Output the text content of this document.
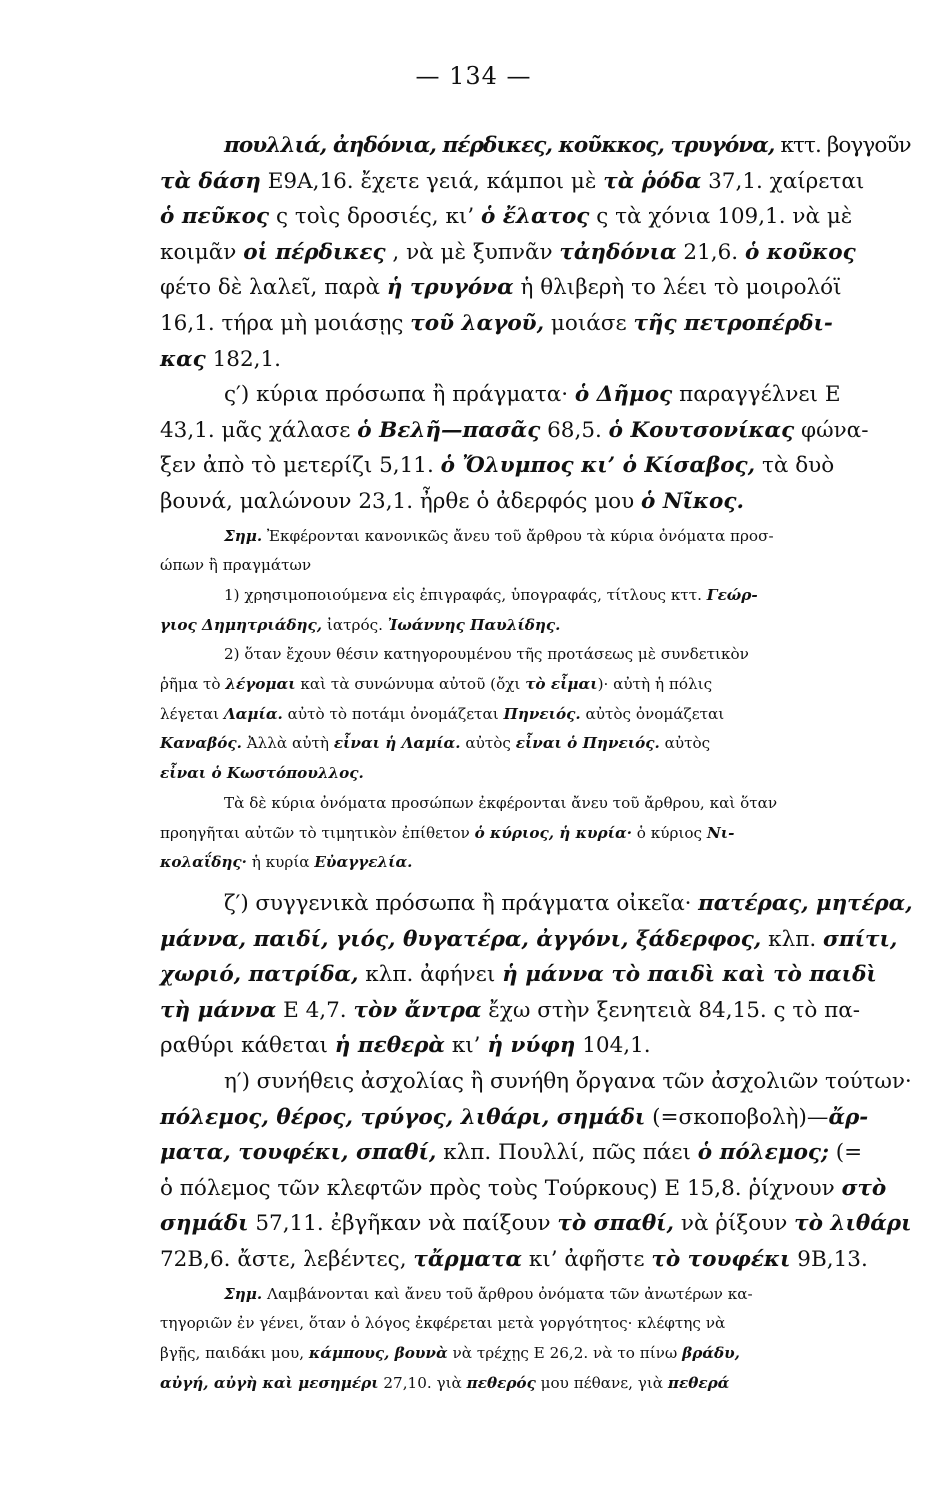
— 134 —

πουλλιά, ἀηδόνια, πέρδικες, κοῦκκος, τρυγόνα, κττ. βογγοῦν
τὰ δάση Ε9Α,16. ἔχετε γειά, κάμποι μὲ τὰ ῥόδα 37,1. χαίρεται
ὁ πεῦκος ς τοὶς δροσιές, κι’ ὁ ἔλατος ς τὰ χόνια 109,1. νὰ μὲ
κοιμᾶν οἱ πέρδικες , νὰ μὲ ξυπνᾶν τἀηδόνια 21,6. ὁ κοῦκος
φέτο δὲ λαλεῖ, παρὰ ἡ τρυγόνα ἡ θλιβερὴ το λέει τὸ μοιρολόϊ
16,1. τήρα μὴ μοιάσῃς τοῦ λαγοῦ, μοιάσε τῆς πετροπέρδι-
κας 182,1.

ς′) κύρια πρόσωπα ἢ πράγματα· ὁ Δῆμος παραγγέλνει Ε
43,1. μᾶς χάλασε ὁ Βελῆ—πασᾶς 68,5. ὁ Κουτσονίκας φώνα-
ξεν ἀπὸ τὸ μετερίζι 5,11. ὁ Ὄλυμπος κι’ ὁ Κίσαβος, τὰ δυὸ
βουνά, μαλώνουν 23,1. ἦρθε ὁ ἀδερφός μου ὁ Νῖκος.

Σημ. Ἐκφέρονται κανονικῶς ἄνευ τοῦ ἄρθρου τὰ κύρια ὀνόματα προσ-
ώπων ἢ πραγμάτων

1) χρησιμοποιούμενα εἰς ἐπιγραφάς, ὑπογραφάς, τίτλους κττ. Γεώρ-
γιος Δημητριάδης, ἰατρός. Ἰωάννης Παυλίδης.

2) ὅταν ἔχουν θέσιν κατηγορουμένου τῆς προτάσεως μὲ συνδετικὸν
ῥῆμα τὸ λέγομαι καὶ τὰ συνώνυμα αὐτοῦ (ὄχι τὸ εἶμαι)· αὐτὴ ἡ πόλις
λέγεται Λαμία. αὐτὸ τὸ ποτάμι ὀνομάζεται Πηνειός. αὐτὸς ὀνομάζεται
Καναβός. Ἀλλὰ αὐτὴ εἶναι ἡ Λαμία. αὐτὸς εἶναι ὁ Πηνειός. αὐτὸς
εἶναι ὁ Κωστόπουλλος.

Τὰ δὲ κύρια ὀνόματα προσώπων ἐκφέρονται ἄνευ τοῦ ἄρθρου, καὶ ὅταν
προηγῆται αὐτῶν τὸ τιμητικὸν ἐπίθετον ὁ κύριος, ἡ κυρία· ὁ κύριος Νι-
κολαΐδης· ἡ κυρία Εὐαγγελία.

ζ′) συγγενικὰ πρόσωπα ἢ πράγματα οἰκεῖα· πατέρας, μητέρα,
μάννα, παιδί, γιός, θυγατέρα, ἀγγόνι, ξάδερφος, κλπ. σπίτι,
χωριό, πατρίδα, κλπ. ἀφήνει ἡ μάννα τὸ παιδὶ καὶ τὸ παιδὶ
τὴ μάννα Ε 4,7. τὸν ἄντρα ἔχω στὴν ξενητειὰ 84,15. ς τὸ πα-
ραθύρι κάθεται ἡ πεθερὰ κι’ ἡ νύφη 104,1.

η′) συνήθεις ἀσχολίας ἢ συνήθη ὄργανα τῶν ἀσχολιῶν τούτων·
πόλεμος, θέρος, τρύγος, λιθάρι, σημάδι (=σκοποβολὴ)—ἄρ-
ματα, τουφέκι, σπαθί, κλπ. Πουλλί, πῶς πάει ὁ πόλεμος; (=
ὁ πόλεμος τῶν κλεφτῶν πρὸς τοὺς Τούρκους) Ε 15,8. ῥίχνουν στὸ
σημάδι 57,11. ἐβγῆκαν νὰ παίξουν τὸ σπαθί, νὰ ῥίξουν τὸ λιθάρι
72Β,6. ἄστε, λεβέντες, τἄρματα κι’ ἀφῆστε τὸ τουφέκι 9Β,13.

Σημ. Λαμβάνονται καὶ ἄνευ τοῦ ἄρθρου ὀνόματα τῶν ἀνωτέρων κα-
τηγοριῶν ἐν γένει, ὅταν ὁ λόγος ἐκφέρεται μετὰ γοργότητος· κλέφτης νὰ
βγῇς, παιδάκι μου, κάμπους, βουνὰ νὰ τρέχῃς Ε 26,2. νὰ το πίνω βράδυ,
αὐγή, αὐγὴ καὶ μεσημέρι 27,10. γιὰ πεθερός μου πέθανε, γιὰ πεθερά
